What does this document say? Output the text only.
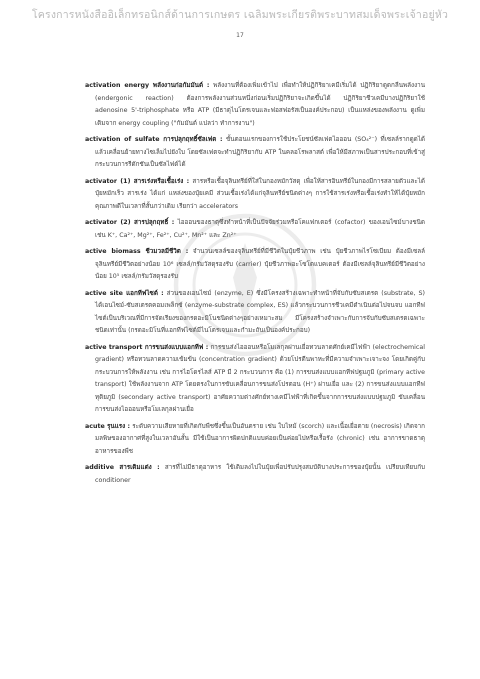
โครงการหนังสืออิเล็กทรอนิกส์ด้านการเกษตร เฉลิมพระเกียรติพระบาทสมเด็จพระเจ้าอยู่หัว
17

activation energy พลังงานก่อกัมมันต์ : พลังงานที่ต้องเพิ่มเข้าไป เพื่อทำให้ปฏิกิริยาเคมีเริ่มได้ ปฏิกิริยาดูดกลืนพลังงาน (endergonic reaction) ต้องการพลังงานส่วนหนึ่งก่อนเริ่มปฏิกิริยาจะเกิดขึ้นได้ ปฏิกิริยาชีวเคมีบางปฏิกิริยาใช้ adenosine 5'-triphosphate หรือ ATP (มีธาตุไนโตรเจนและฟอสฟอรัสเป็นองค์ประกอบ) เป็นแหล่งของพลังงาน ดูเพิ่มเติมจาก energy coupling ("กัมมันต์ แปลว่า ทำการงาน")

activation of sulfate การปลุกฤทธิ์ซัลเฟต : ขั้นตอนแรกของการใช้ประโยชน์ซัลเฟตไอออน (SO₄²⁻) ที่เซลล์รากดูดได้แล้วเคลื่อนย้ายทางไซเล็มไปยังใบ โดยซัลเฟตจะทำปฏิกิริยากับ ATP ในคลอโรพลาสต์ เพื่อให้มีสภาพเป็นสารประกอบที่เข้าสู่กระบวนการรีดักชันเป็นซัลไฟด์ได้

activator (1) สารเร่งหรือเชื้อเร่ง : สารหรือเชื้อจุลินทรีย์ที่ใส่ในกองหมักวัสดุ เพื่อให้สารอินทรีย์ในกองมีการสลายตัวและได้ปุ๋ยหมักเร็ว สารเร่ง ได้แก่ แหล่งของปุ๋ยเคมี ส่วนเชื้อเร่งได้แก่จุลินทรีย์ชนิดต่างๆ การใช้สารเร่งหรือเชื้อเร่งทำให้ได้ปุ๋ยหมักคุณภาพดีในเวลาที่สั้นกว่าเดิม เรียกว่า accelerators

activator (2) สารปลุกฤทธิ์ : ไอออนของธาตุซึ่งทำหน้าที่เป็นปัจจัยร่วมหรือโคแฟกเตอร์ (cofactor) ของเอนไซม์บางชนิด เช่น K⁺, Ca²⁺, Mg²⁺, Fe²⁺, Cu²⁺, Mn²⁺ และ Zn²⁺

active biomass ชีวมวลมีชีวิต : จำนวนเซลล์ของจุลินทรีย์ที่มีชีวิตในปุ๋ยชีวภาพ เช่น ปุ๋ยชีวภาพไรโซเบียม ต้องมีเซลล์จุลินทรีย์มีชีวิตอย่างน้อย 10⁶ เซลล์/กรัมวัสดุรองรับ (carrier) ปุ๋ยชีวภาพอะโซโตแบคเตอร์ ต้องมีเซลล์จุลินทรีย์มีชีวิตอย่างน้อย 10⁵ เซลล์/กรัมวัสดุรองรับ

active site แอกทีฟไซต์ : ส่วนของเอนไซม์ (enzyme, E) ซึ่งมีโครงสร้างเฉพาะทำหน้าที่จับกับซับสเตรต (substrate, S) ได้เอนไซม์-ซับสเตรตคอมเพล็กซ์ (enzyme-substrate complex, ES) แล้วกระบวนการชีวเคมีดำเนินต่อไปจนจบ แอกทีฟไซต์เป็นบริเวณที่มีการจัดเรียงของกรดอะมิโนชนิดต่างๆอย่างเหมาะสม มีโครงสร้างจำเพาะกับการจับกับซับสเตรตเฉพาะชนิดเท่านั้น (กรดอะมิโนที่แอกทีฟไซต์มีไนโตรเจนและกำมะถันเป็นองค์ประกอบ)

active transport การขนส่งแบบแอกทีฟ : การขนส่งไอออนหรือโมเลกุลผ่านเยื่อทวนลาดศักย์เคมีไฟฟ้า (electrochemical gradient) หรือทวนลาดความเข้มข้น (concentration gradient) ด้วยโปรตีนพาหะที่มีความจำเพาะเจาะจง โดยเกิดคู่กับกระบวนการให้พลังงาน เช่น การไฮโดรไลส์ ATP มี 2 กระบวนการ คือ (1) การขนส่งแบบแอกทีฟปฐมภูมิ (primary active transport) ใช้พลังงานจาก ATP โดยตรงในการขับเคลื่อนการขนส่งโปรตอน (H⁺) ผ่านเยื่อ และ (2) การขนส่งแบบแอกทีฟทุติยภูมิ (secondary active transport) อาศัยความต่างศักย์ทางเคมีไฟฟ้าที่เกิดขึ้นจากการขนส่งแบบปฐมภูมิ ขับเคลื่อนการขนส่งไอออนหรือโมเลกุลผ่านเยื่อ

acute รุนแรง : ระดับความเสียหายที่เกิดกับพืชซึ่งขึ้นเป็นอันตราย เช่น ใบไหม้ (scorch) และเนื้อเยื่อตาย (necrosis) เกิดจากมลพิษของอากาศที่สูงในเวลาอันสั้น มีใช้เป็นอาการผิดปกติแบบค่อยเป็นค่อยไปหรือเรื้อรัง (chronic) เช่น อาการขาดธาตุอาหารของพืช

additive สารเติมแต่ง : สารที่ไม่มีธาตุอาหาร ใช้เติมลงไปในปุ๋ยเพื่อปรับปรุงสมบัติบางประการของปุ๋ยนั้น เปรียบเทียบกับ conditioner
